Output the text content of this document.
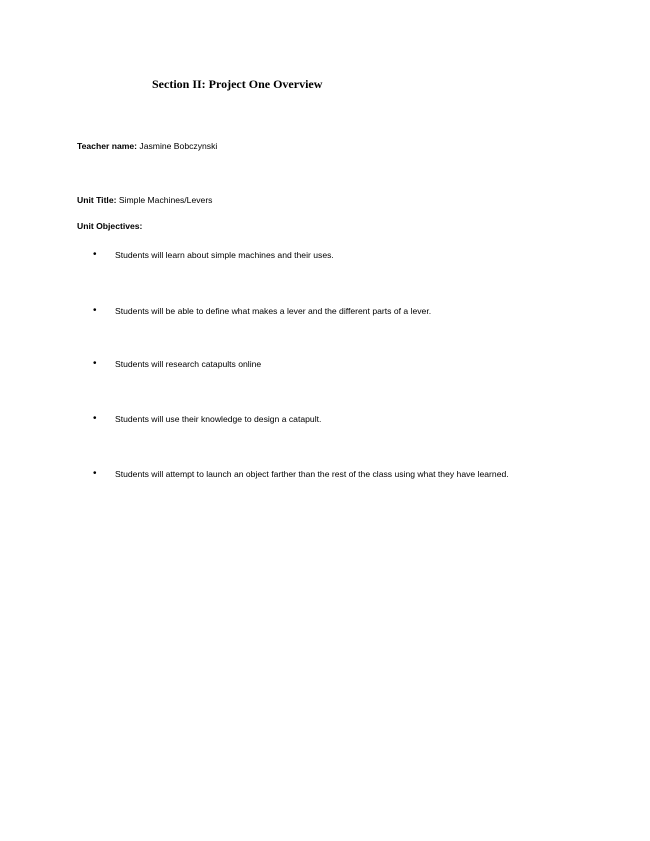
Section II: Project One Overview
Teacher name: Jasmine Bobczynski
Unit Title: Simple Machines/Levers
Unit Objectives:
• Students will learn about simple machines and their uses.
• Students will be able to define what makes a lever and the different parts of a lever.
• Students will research catapults online
• Students will use their knowledge to design a catapult.
• Students will attempt to launch an object farther than the rest of the class using what they have learned.
